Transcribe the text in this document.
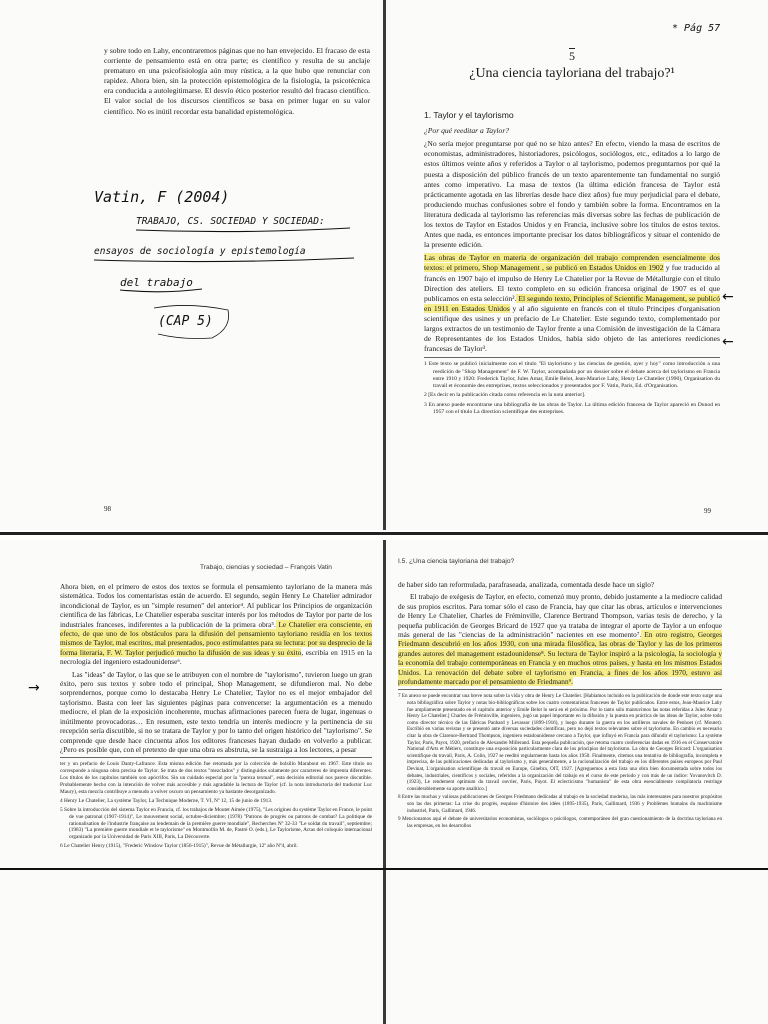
y sobre todo en Lahy, encontraremos páginas que no han envejecido. El fracaso de esta corriente de pensamiento está en otra parte; es científico y resulta de su anclaje prematuro en una psicofisiología aún muy rústica, a la que hubo que renunciar con rapidez. Ahora bien, sin la protección epistemológica de la fisiología, la psicotécnica era conducida a autolegitimarse. El desvío ético posterior resultó del fracaso científico. El valor social de los discursos científicos se basa en primer lugar en su valor científico. No es inútil recordar esta banalidad epistemológica.

Vatin, F (2004)
TRABAJO, CS. SOCIEDAD Y SOCIEDAD:
ensayos de sociología y epistemología
del trabajo
(CAP 5)
98
* Pág 57
5
¿Una ciencia tayloriana del trabajo?¹
1. Taylor y el taylorismo
¿Por qué reeditar a Taylor?

¿No sería mejor preguntarse por qué no se hizo antes? En efecto, viendo la masa de escritos de economistas, administradores, historiadores, psicólogos, sociólogos, etc., editados a lo largo de estos últimos veinte años y referidos a Taylor o al taylorismo, podemos preguntarnos por qué la puesta a disposición del público francés de un texto aparentemente tan fundamental no surgió antes como imperativo. La masa de textos (la última edición francesa de Taylor está prácticamente agotada en las librerías desde hace diez años) fue muy perjudicial para el debate, produciendo muchas confusiones sobre el fondo y también sobre la forma. Encontramos en la literatura dedicada al taylorismo las referencias más diversas sobre las fechas de publicación de los textos de Taylor en Estados Unidos y en Francia, inclusive sobre los títulos de estos textos. Antes que nada, es entonces importante precisar los datos bibliográficos y situar el contenido de la presente edición.

Las obras de Taylor en materia de organización del trabajo comprenden esencialmente dos textos: el primero, Shop Management , se publicó en Estados Unidos en 1902 y fue traducido al francés en 1907 bajo el impulso de Henry Le Chatelier por la Revue de Métallurgie con el título Direction des ateliers. El texto completo en su edición francesa original de 1907 es el que publicamos en esta selección². El segundo texto, Principles of Scientific Management, se publicó en 1911 en Estados Unidos y al año siguiente en francés con el título Principes d'organisation scientifique des usines y un prefacio de Le Chatelier. Este segundo texto, complementado por largos extractos de un testimonio de Taylor frente a una Comisión de investigación de la Cámara de Representantes de los Estados Unidos, había sido objeto de las anteriores reediciones francesas de Taylor³.

1 Este texto se publicó inicialmente con el título "El taylorismo y las ciencias de gestión, ayer y hoy" como introducción a una reedición de "Shop Management" de F. W. Taylor, acompañada por un dossier sobre el debate acerca del taylorismo en Francia entre 1910 y 1920: Frederick Taylor, Jules Amar, Emile Belot, Jean-Maurice Lahy, Henry Le Chatelier (1990), Organisation du travail et économie des entreprises, textos seleccionados y presentados por F. Vatin, Paris, Ed. d'Organisation.

2 [Es decir en la publicación citada como referencia en la nota anterior].

3 En anexo puede encontrarse una bibliografía de las obras de Taylor. La última edición francesa de Taylor apareció en Dunod en 1957 con el título La direction scientifique des entreprises.

←
←
99
Trabajo, ciencias y sociedad – François Vatin

Ahora bien, en el primero de estos dos textos se formula el pensamiento tayloriano de la manera más sistemática. Todos los comentaristas están de acuerdo. El segundo, según Henry Le Chatelier admirador incondicional de Taylor, es un "simple resumen" del anterior⁴. Al publicar los Principios de organización científica de las fábricas, Le Chatelier esperaba suscitar interés por los métodos de Taylor por parte de los industriales franceses, indiferentes a la publicación de la primera obra⁵. Le Chatelier era consciente, en efecto, de que uno de los obstáculos para la difusión del pensamiento tayloriano residía en los textos mismos de Taylor, mal escritos, mal presentados, poco estimulantes para su lectura: por su desprecio de la forma literaria, F. W. Taylor perjudicó mucho la difusión de sus ideas y su éxito, escribía en 1915 en la necrología del ingeniero estadounidense⁶.

Las "ideas" de Taylor, o las que se le atribuyen con el nombre de "taylorismo", tuvieron luego un gran éxito, pero sus textos y sobre todo el principal, Shop Management, se difundieron mal. No debe sorprendernos, porque como lo destacaba Henry Le Chatelier, Taylor no es el mejor embajador del taylorismo. Basta con leer las siguientes páginas para convencerse: la argumentación es a menudo mediocre, el plan de la exposición incoherente, muchas afirmaciones parecen fuera de lugar, ingenuas o inútilmente provocadoras… En resumen, este texto tendría un interés mediocre y la pertinencia de su recepción sería discutible, si no se tratara de Taylor y por lo tanto del origen histórico del "taylorismo". Se comprende que desde hace cincuenta años los editores franceses hayan dudado en volverlo a publicar. ¿Pero es posible que, con el pretexto de que una obra es abstruta, se la sustraiga a los lectores, a pesar

ter y un prefacio de Louis Danty-Lafrance. Esta misma edición fue retomada por la colección de bolsillo Marabout en 1967. Este título no corresponde a ninguna obra precisa de Taylor. Se trata de dos textos "mezclados" y distinguidos solamente por caracteres de imprenta diferentes. Los títulos de los capítulos también son apócrifos. Sin un cuidado especial por la "pureza textual", esta decisión editorial nos parece discutible. Probablemente hecho con la intención de volver más accesible y más agradable la lectura de Taylor (cf. la nota introductoria del traductor Luc Maury), esta mezcla contribuye a menudo a volver oscuro un pensamiento ya bastante desorganizado.

4 Henry Le Chatelier, La système Taylor, La Technique Moderne, T. VI, Nº 12, 15 de junio de 1913.

5 Sobre la introducción del sistema Taylor en Francia, cf. los trabajos de Moutet Aimée (1975), "Les origines du système Taylor en France, le point de vue patronal (1907-1914)", Le mouvement social, octubre-diciembre; (1978) "Patrons de progrès ou patrons de combat? La politique de rationalisation de l'industrie française au lendemain de la première guerre mondiale", Recherches Nº 32-33 "Le soldat du travail", septiembre; (1983) "La première guerre mondiale et le taylorisme" en Montmollin M. de, Pastré O. (eds.), Le Taylorisme, Actas del coloquio internacional organizado por la Universidad de Paris XIII, Paris, La Découverte.

6 Le Chatelier Henry (1915), "Frederic Winslow Taylor (1856-1915)", Revue de Métallurgie, 12º año Nº4, abril.

→
I.5. ¿Una ciencia tayloriana del trabajo?

de haber sido tan reformulada, parafraseada, analizada, comentada desde hace un siglo?

El trabajo de exégesis de Taylor, en efecto, comenzó muy pronto, debido justamente a la mediocre calidad de sus propios escritos. Para tomar sólo el caso de Francia, hay que citar las obras, artículos e intervenciones de Henry Le Chatelier, Charles de Fréminville, Clarence Bertrand Thompson, varias tesis de derecho, y la pequeña publicación de Georges Bricard de 1927 que ya trataba de integrar el aporte de Taylor a un enfoque más general de las "ciencias de la administración" nacientes en ese momento⁷. En otro registro, Georges Friedmann descubrió en los años 1930, con una mirada filosófica, las obras de Taylor y las de los primeros grandes autores del management estadounidense⁸. Su lectura de Taylor inspiró a la psicología, la sociología y la economía del trabajo contemporáneas en Francia y en muchos otros países, y hasta en los mismos Estados Unidos. La renovación del debate sobre el taylorismo en Francia, a fines de los años 1970, estuvo así profundamente marcado por el pensamiento de Friedmann⁹.

7 En anexo se puede encontrar una breve nota sobre la vida y obra de Henry Le Chatelier. [Habíamos incluido en la publicación de donde este texto surge una nota bibliográfica sobre Taylor y notas bio-bibliográficas sobre los cuatro comentaristas franceses de Taylor publicados. Entre estos, Jean-Maurice Lahy fue ampliamente presentado en el capítulo anterior y Emile Belot lo será en el próximo. Por lo tanto sólo mantuvimos las notas referidas a Jules Amar y Henry Le Chatelier.] Charles de Fréminville, ingeniero, jugó un papel importante en la difusión y la puesta en práctica de las ideas de Taylor, sobre todo como director técnico de las fábricas Panhard y Levassor (1899-1916), y luego durante la guerra en los astilleros navales de Penhoet (cf. Moutet). Escribió en varias revistas y se presentó ante diversas sociedades científicas, pero no dejó textos relevantes sobre el taylorismo. En cambio es necesario citar la obra de Clarence-Bertrand Thompson, ingeniero estadounidense cercano a Taylor, que influyó en Francia para difundir el taylorismo: La système Taylor, Paris, Payot, 1920, prefacio de Alexandre Millerand. Esta pequeña publicación, que retoma cuatro conferencias dadas en 1916 en el Conservatoire National d'Arts et Métiers, constituye una exposición particularmente clara de los principios del taylorismo. La obra de Georges Bricard: L'organisation scientifique du travail, Paris, A. Colin, 1927 se reeditó regularmente hasta los años 1950. Finalmente, citemos una tentativa de bibliografía, incompleta e imprecisa, de las publicaciones dedicadas al taylorismo y, más generalmente, a la racionalización del trabajo en los diferentes países europeos por Paul Devinat, L'organisation scientifique du travail en Europe, Ginebra, OIT, 1927. [Agreguemos a esta lista una obra bien documentada sobre todos los debates, industriales, científicos y sociales, referidos a la organización del trabajo en el curso de este período y con más de un índice: Yovanovitch D. (1923), Le rendement optimum du travail ouvrier, Paris, Payot. El eclecticismo "humanista" de esta obra esencialmente compilatoria restringe considerablemente su aporte analítico.]

8 Entre las muchas y valiosas publicaciones de Georges Friedmann dedicadas al trabajo en la sociedad moderna, las más interesantes para nuestros propósitos son las dos primeras: La crise du progrès, esquisse d'histoire des idées (1895-1935), Paris, Gallimard, 1936 y Problèmes humains du machinisme industriel, Paris, Gallimard, 1946.

9 Mencionamos aquí el debate de universitarios economistas, sociólogos o psicólogos, contemporáneo del gran cuestionamiento de la doctrina tayloriana en las empresas, en los desarrollos
